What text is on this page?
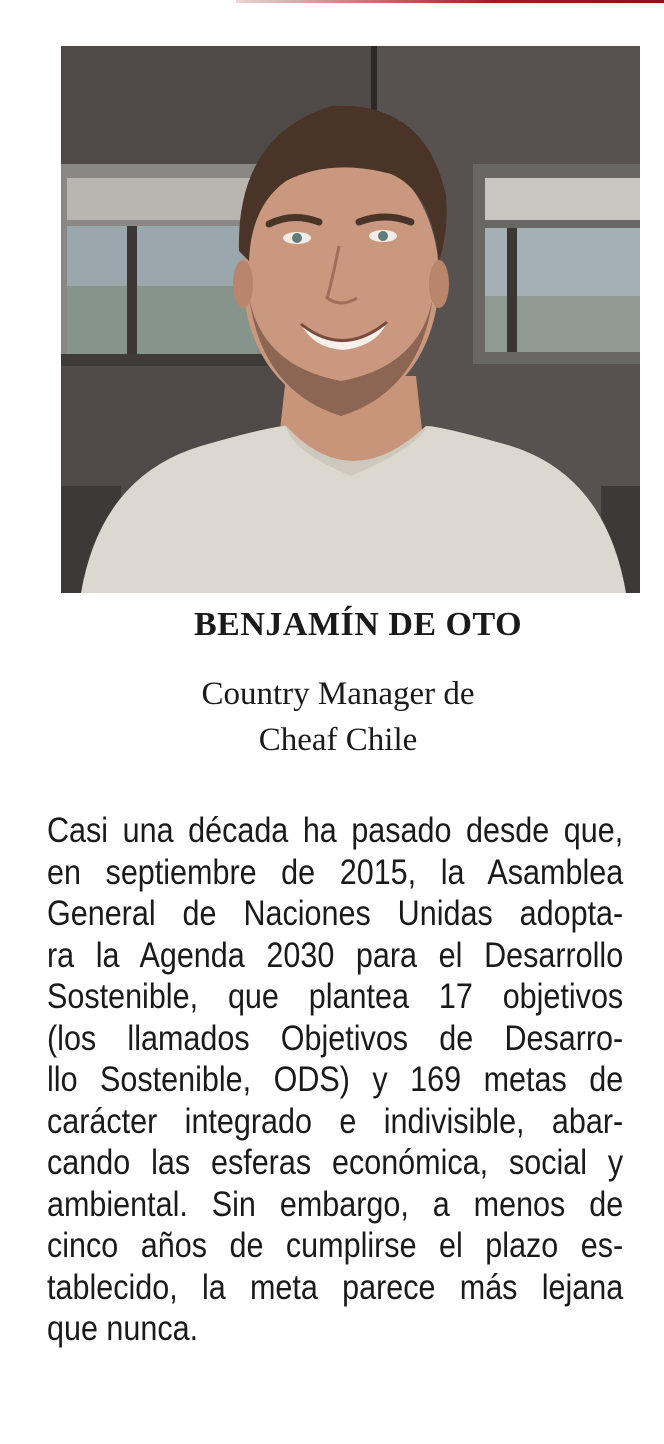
BENJAMÍN DE OTO
Country Manager de
Cheaf Chile
Casi una década ha pasado desde que,
en septiembre de 2015, la Asamblea
General de Naciones Unidas adopta-
ra la Agenda 2030 para el Desarrollo
Sostenible, que plantea 17 objetivos
(los llamados Objetivos de Desarro-
llo Sostenible, ODS) y 169 metas de
carácter integrado e indivisible, abar-
cando las esferas económica, social y
ambiental. Sin embargo, a menos de
cinco años de cumplirse el plazo es-
tablecido, la meta parece más lejana
que nunca.
